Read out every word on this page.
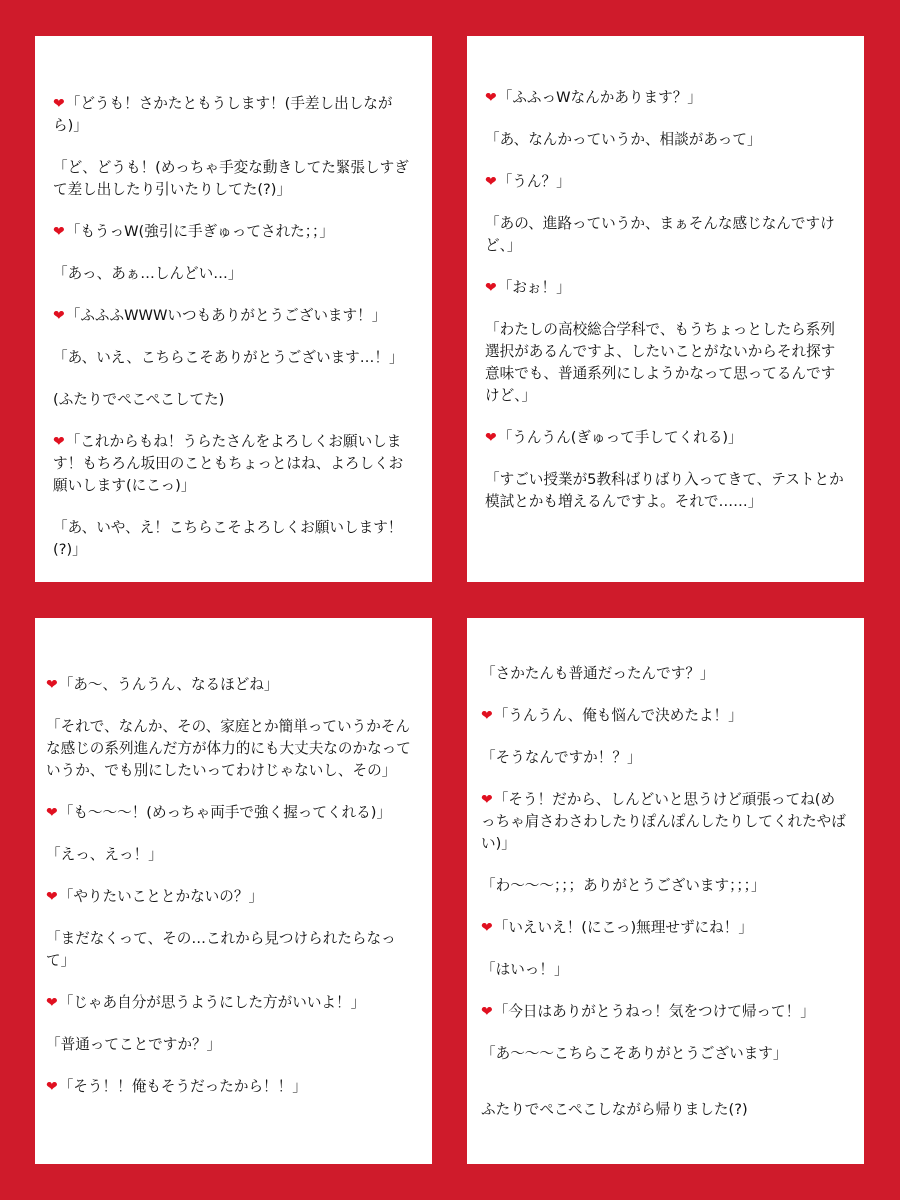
❤「どうも！さかたともうします！(手差し出しながら)」
「ど、どうも！(めっちゃ手変な動きしてた緊張しすぎて差し出したり引いたりしてた(?)」
❤「もうっW(強引に手ぎゅってされた；；」
「あっ、あぁ…しんどい…」
❤「ふふふWWWいつもありがとうございます！」
「あ、いえ、こちらこそありがとうございます…！」
(ふたりでぺこぺこしてた)
❤「これからもね！うらたさんをよろしくお願いします！もちろん坂田のこともちょっとはね、よろしくお願いします(にこっ)」
「あ、いや、え！こちらこそよろしくお願いします！(?)」
❤「ふふっWなんかあります？」
「あ、なんかっていうか、相談があって」
❤「うん？」
「あの、進路っていうか、まぁそんな感じなんですけど、」
❤「おぉ！」
「わたしの高校総合学科で、もうちょっとしたら系列選択があるんですよ、したいことがないからそれ探す意味でも、普通系列にしようかなって思ってるんですけど、」
❤「うんうん(ぎゅって手してくれる)」
「すごい授業が5教科ばりばり入ってきて、テストとか模試とかも増えるんですよ。それで……」
❤「あ〜、うんうん、なるほどね」
「それで、なんか、その、家庭とか簡単っていうかそんな感じの系列進んだ方が体力的にも大丈夫なのかなっていうか、でも別にしたいってわけじゃないし、その」
❤「も〜〜〜！(めっちゃ両手で強く握ってくれる)」
「えっ、えっ！」
❤「やりたいこととかないの？」
「まだなくって、その…これから見つけられたらなって」
❤「じゃあ自分が思うようにした方がいいよ！」
「普通ってことですか？」
❤「そう！！俺もそうだったから！！」
「さかたんも普通だったんです？」
❤「うんうん、俺も悩んで決めたよ！」
「そうなんですか！？」
❤「そう！だから、しんどいと思うけど頑張ってね(めっちゃ肩さわさわしたりぽんぽんしたりしてくれたやばい)」
「わ〜〜〜；；；ありがとうございます；；；」
❤「いえいえ！(にこっ)無理せずにね！」
「はいっ！」
❤「今日はありがとうねっ！気をつけて帰って！」
「あ〜〜〜こちらこそありがとうございます」
ふたりでぺこぺこしながら帰りました(?)
